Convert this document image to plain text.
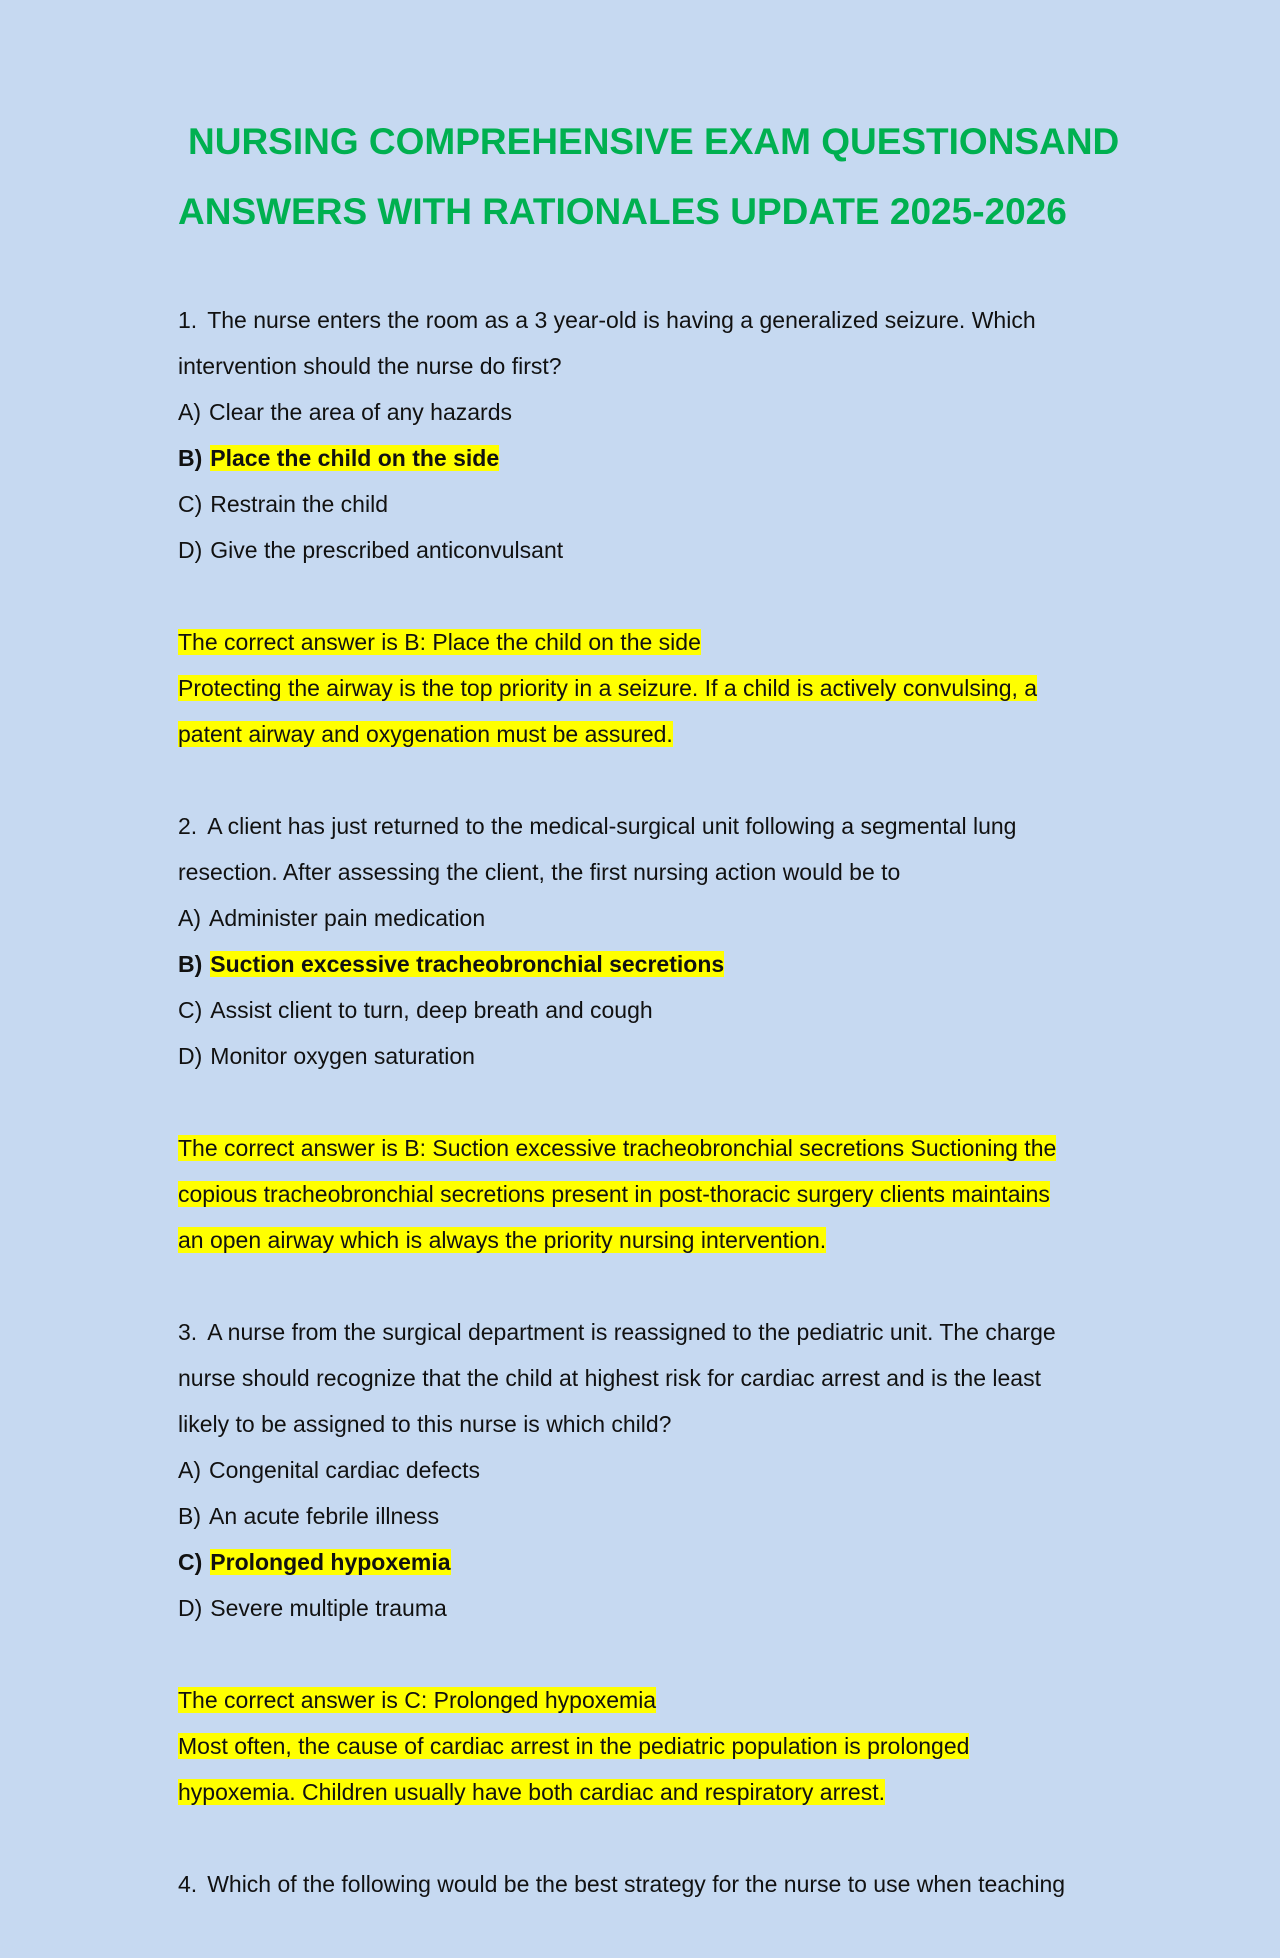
NURSING COMPREHENSIVE EXAM QUESTIONSAND
ANSWERS WITH RATIONALES UPDATE 2025-2026
1. The nurse enters the room as a 3 year-old is having a generalized seizure. Which
intervention should the nurse do first?
A) Clear the area of any hazards
B) Place the child on the side
C) Restrain the child
D) Give the prescribed anticonvulsant
The correct answer is B: Place the child on the side
Protecting the airway is the top priority in a seizure. If a child is actively convulsing, a
patent airway and oxygenation must be assured.
2. A client has just returned to the medical-surgical unit following a segmental lung
resection. After assessing the client, the first nursing action would be to
A) Administer pain medication
B) Suction excessive tracheobronchial secretions
C) Assist client to turn, deep breath and cough
D) Monitor oxygen saturation
The correct answer is B: Suction excessive tracheobronchial secretions Suctioning the
copious tracheobronchial secretions present in post-thoracic surgery clients maintains
an open airway which is always the priority nursing intervention.
3. A nurse from the surgical department is reassigned to the pediatric unit. The charge
nurse should recognize that the child at highest risk for cardiac arrest and is the least
likely to be assigned to this nurse is which child?
A) Congenital cardiac defects
B) An acute febrile illness
C) Prolonged hypoxemia
D) Severe multiple trauma
The correct answer is C: Prolonged hypoxemia
Most often, the cause of cardiac arrest in the pediatric population is prolonged
hypoxemia. Children usually have both cardiac and respiratory arrest.
4. Which of the following would be the best strategy for the nurse to use when teaching
